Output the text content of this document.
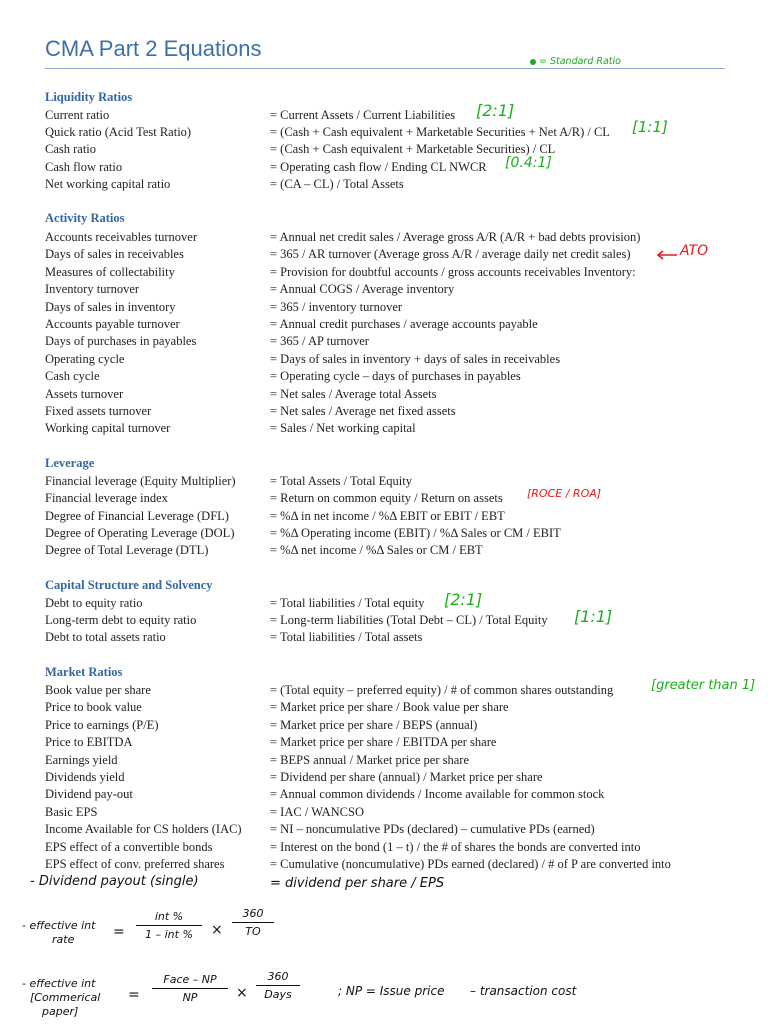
CMA Part 2 Equations
= Standard Ratio
Liquidity Ratios
Current ratio	= Current Assets / Current Liabilities
Quick ratio (Acid Test Ratio)	= (Cash + Cash equivalent + Marketable Securities + Net A/R) / CL
Cash ratio	= (Cash + Cash equivalent + Marketable Securities) / CL
Cash flow ratio	= Operating cash flow / Ending CL NWCR
Net working capital ratio	= (CA – CL) / Total Assets
[2:1]
[1:1]
[0.4:1]
Activity Ratios
Accounts receivables turnover	= Annual net credit sales / Average gross A/R (A/R + bad debts provision)
Days of sales in receivables	= 365 / AR turnover (Average gross A/R / average daily net credit sales)
Measures of collectability	= Provision for doubtful accounts / gross accounts receivables Inventory:
Inventory turnover	= Annual COGS / Average inventory
Days of sales in inventory	= 365 / inventory turnover
Accounts payable turnover	= Annual credit purchases / average accounts payable
Days of purchases in payables	= 365 / AP turnover
Operating cycle	= Days of sales in inventory + days of sales in receivables
Cash cycle	= Operating cycle – days of purchases in payables
Assets turnover	= Net sales / Average total Assets
Fixed assets turnover	= Net sales / Average net fixed assets
Working capital turnover	= Sales / Net working capital
ATO
Leverage
Financial leverage (Equity Multiplier)	= Total Assets / Total Equity
Financial leverage index	= Return on common equity / Return on assets
Degree of Financial Leverage (DFL)	= %Δ in net income / %Δ EBIT or EBIT / EBT
Degree of Operating Leverage (DOL)	= %Δ Operating income (EBIT) / %Δ Sales or CM / EBIT
Degree of Total Leverage (DTL)	= %Δ net income / %Δ Sales or CM / EBT
[ROCE / ROA]
Capital Structure and Solvency
Debt to equity ratio	= Total liabilities / Total equity
Long-term debt to equity ratio	= Long-term liabilities (Total Debt – CL) / Total Equity
Debt to total assets ratio	= Total liabilities / Total assets
[2:1]
[1:1]
Market Ratios
Book value per share	= (Total equity – preferred equity) / # of common shares outstanding
Price to book value	= Market price per share / Book value per share
Price to earnings (P/E)	= Market price per share / BEPS (annual)
Price to EBITDA	= Market price per share / EBITDA per share
Earnings yield	= BEPS annual / Market price per share
Dividends yield	= Dividend per share (annual) / Market price per share
Dividend pay-out	= Annual common dividends / Income available for common stock
Basic EPS	= IAC / WANCSO
Income Available for CS holders (IAC) = NI – noncumulative PDs (declared) – cumulative PDs (earned)
EPS effect of a convertible bonds	= Interest on the bond (1 – t) / the # of shares the bonds are converted into
EPS effect of conv. preferred shares	= Cumulative (noncumulative) PDs earned (declared) / # of P are converted into
[greater than 1]
- Dividend payout (single)	= dividend per share / EPS
- effective int
rate	=
int %
1 – int %	×
360
TO
- effective int
[Commerical
paper]
=
Face – NP
NP	×
360
Days	; NP = Issue price – transaction cost
